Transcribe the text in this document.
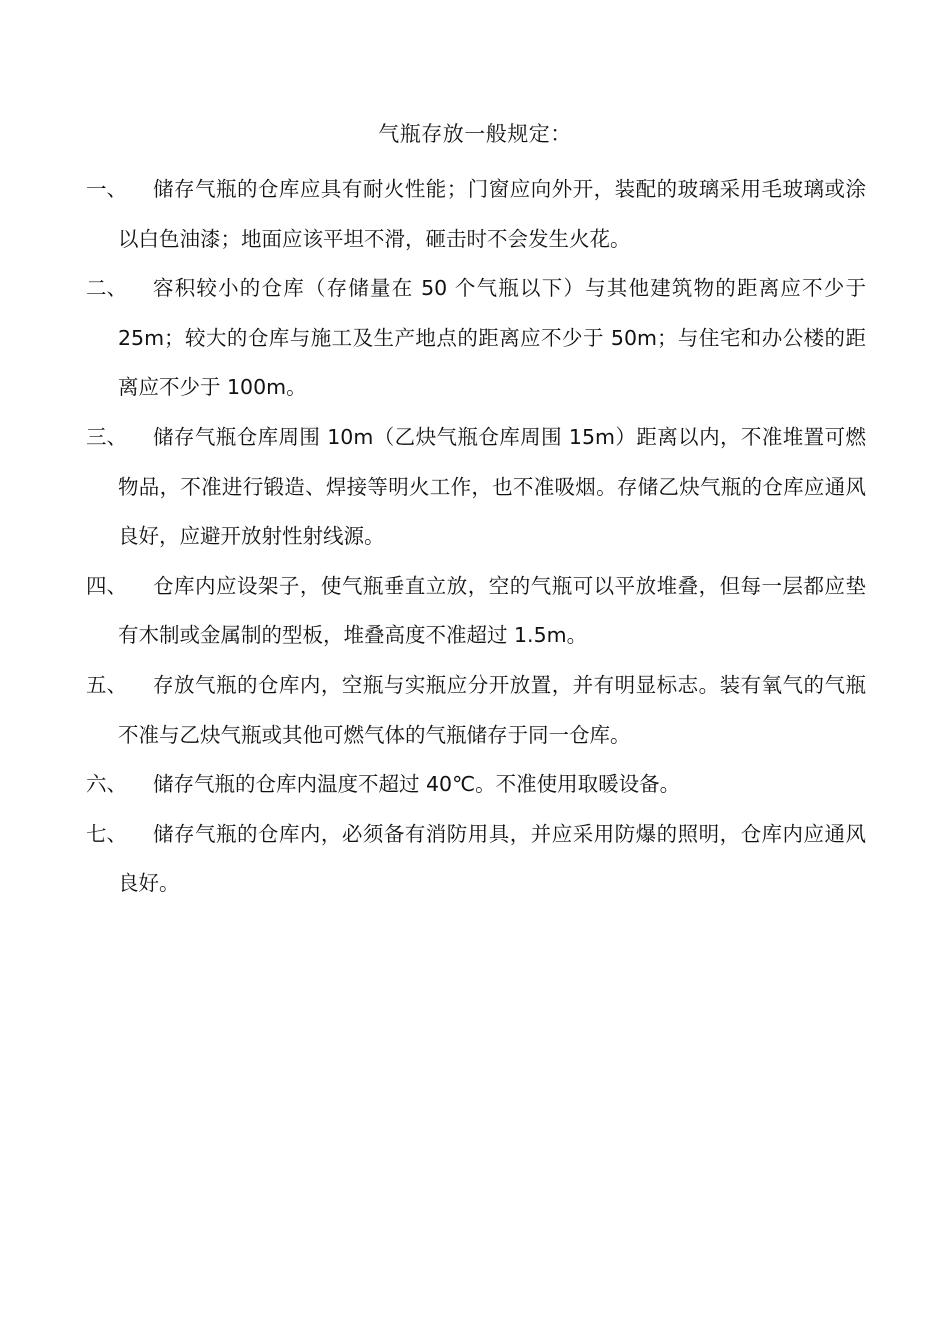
气瓶存放一般规定：
一、	储存气瓶的仓库应具有耐火性能；门窗应向外开，装配的玻璃采用毛玻璃或涂以白色油漆；地面应该平坦不滑，砸击时不会发生火花。
二、	容积较小的仓库（存储量在 50 个气瓶以下）与其他建筑物的距离应不少于 25m；较大的仓库与施工及生产地点的距离应不少于 50m；与住宅和办公楼的距离应不少于 100m。
三、	储存气瓶仓库周围 10m（乙炔气瓶仓库周围 15m）距离以内，不准堆置可燃物品，不准进行锻造、焊接等明火工作，也不准吸烟。存储乙炔气瓶的仓库应通风良好，应避开放射性射线源。
四、	仓库内应设架子，使气瓶垂直立放，空的气瓶可以平放堆叠，但每一层都应垫有木制或金属制的型板，堆叠高度不准超过 1.5m。
五、	存放气瓶的仓库内，空瓶与实瓶应分开放置，并有明显标志。装有氧气的气瓶不准与乙炔气瓶或其他可燃气体的气瓶储存于同一仓库。
六、	储存气瓶的仓库内温度不超过 40℃。不准使用取暖设备。
七、	储存气瓶的仓库内，必须备有消防用具，并应采用防爆的照明，仓库内应通风良好。
